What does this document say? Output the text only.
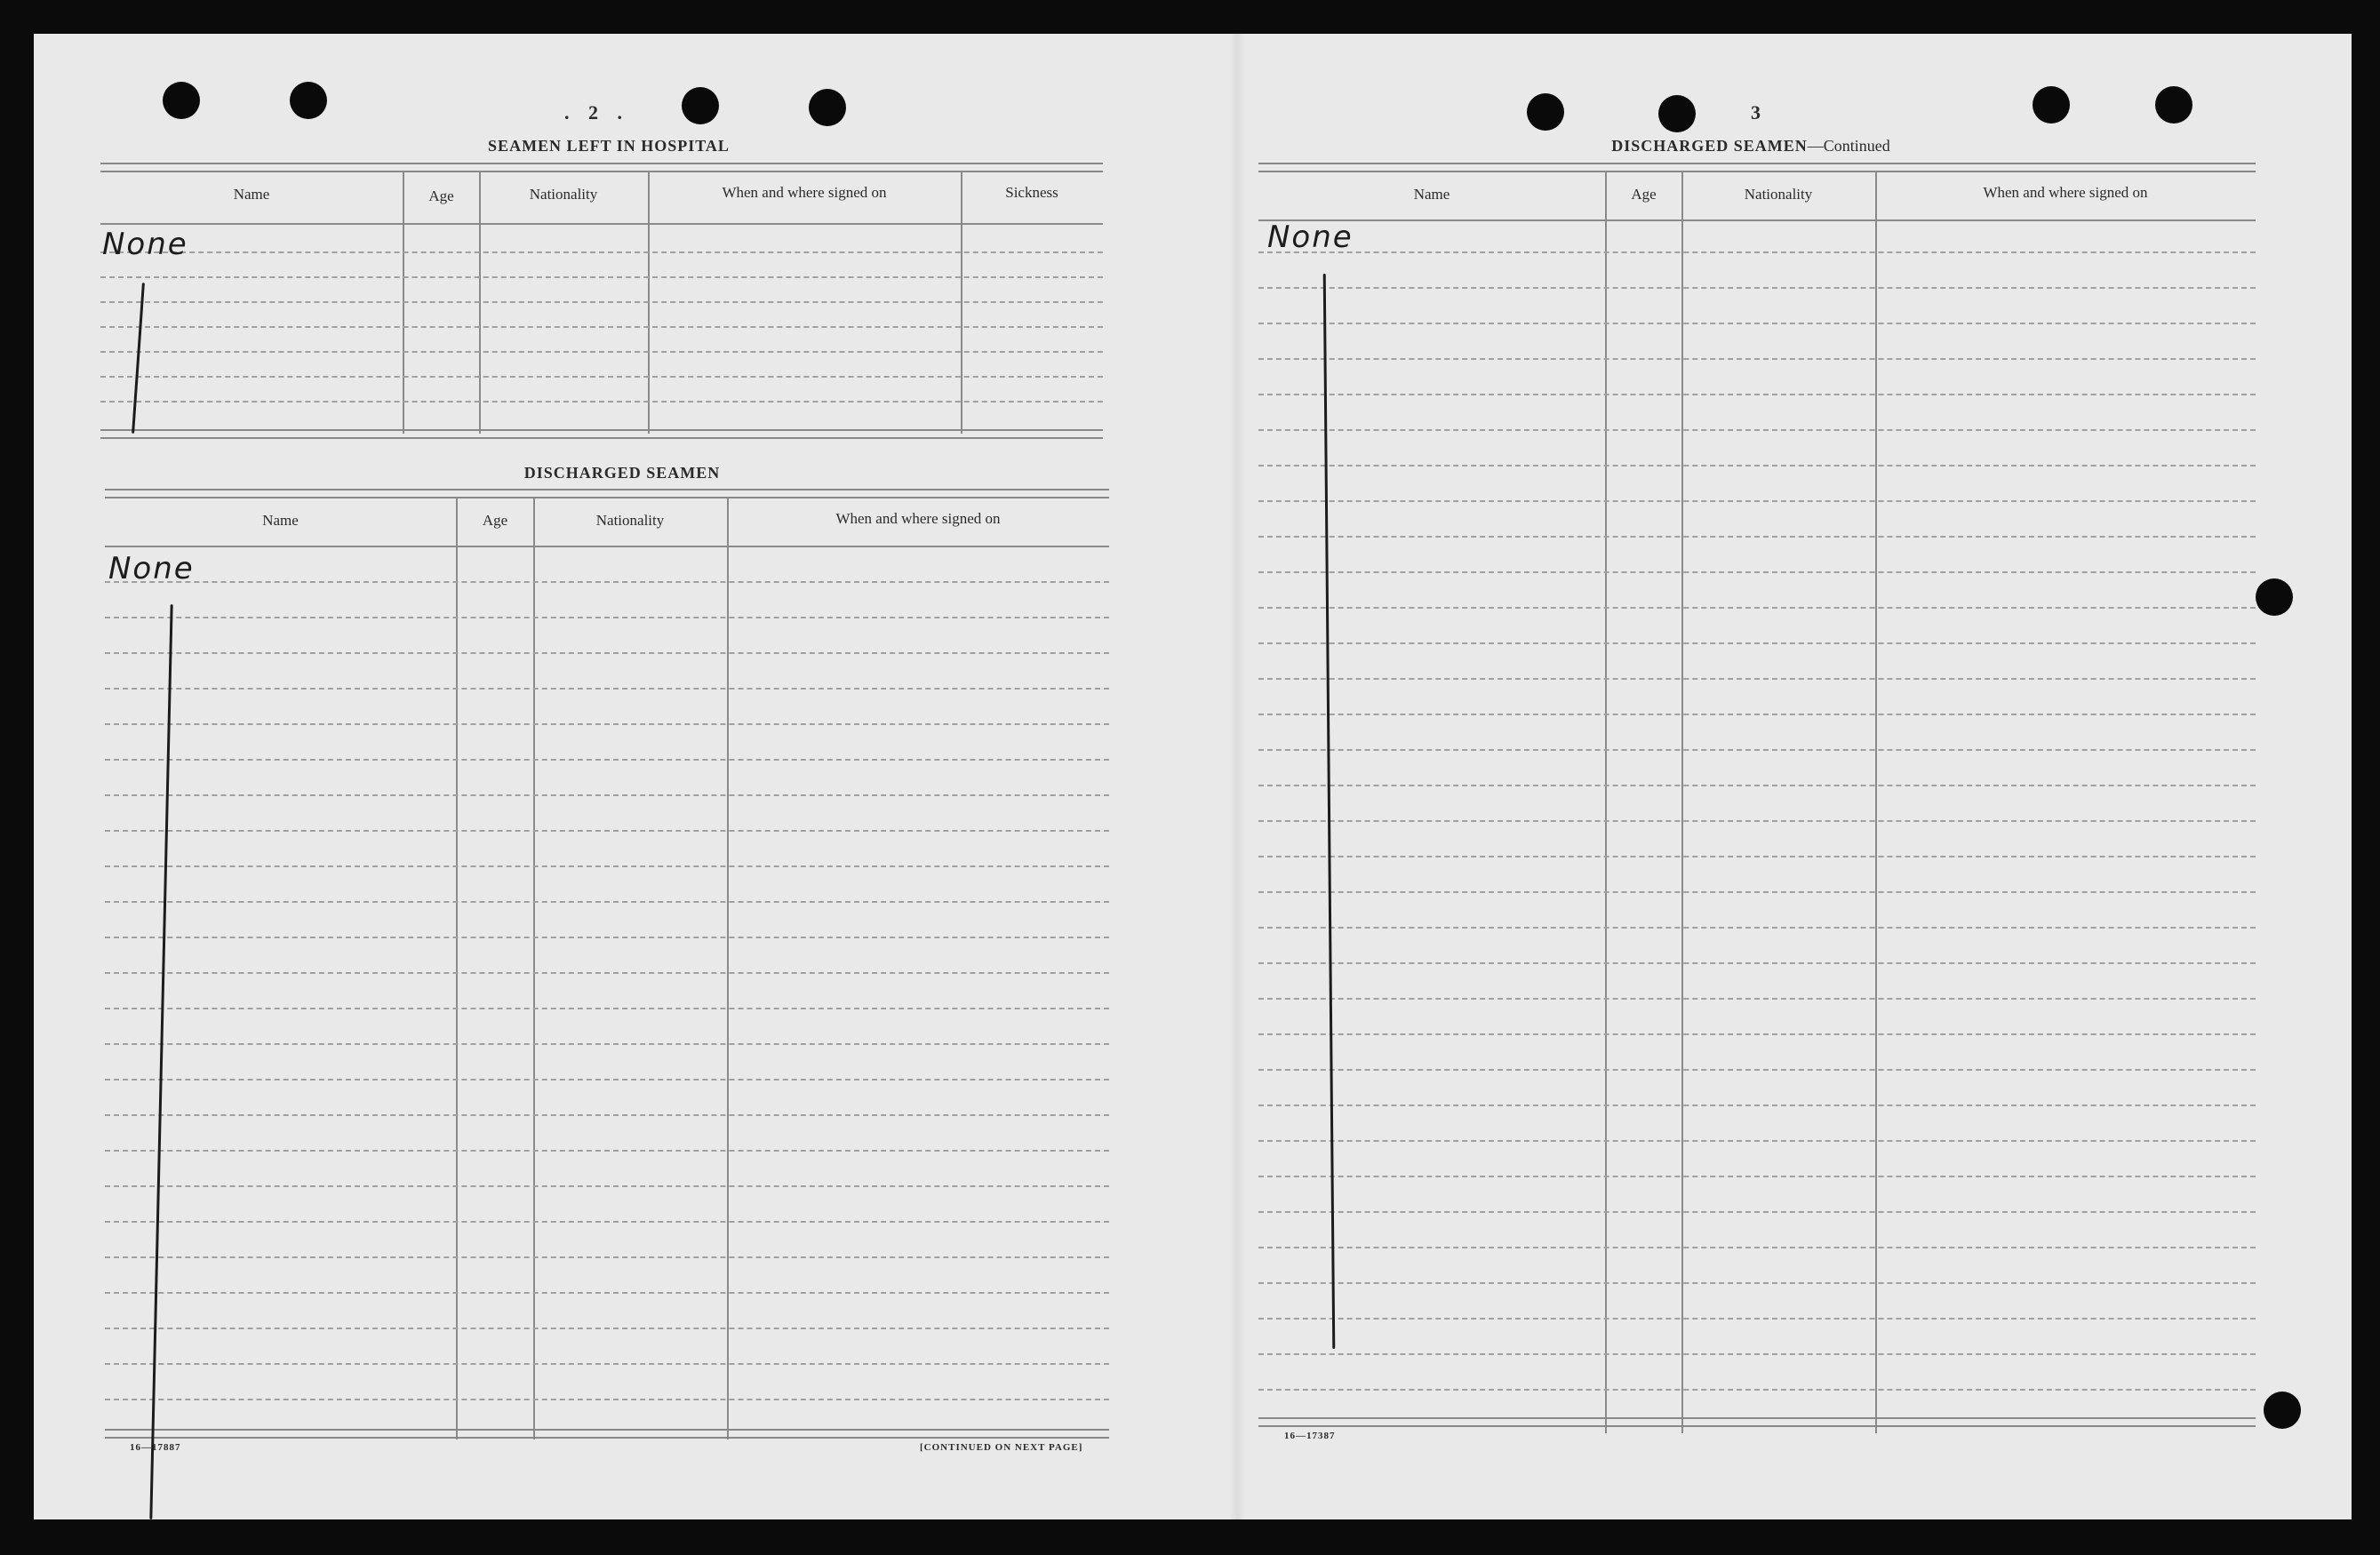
. 2 .
SEAMEN LEFT IN HOSPITAL
Name	Age	Nationality	When and where signed on	Sickness
None
DISCHARGED SEAMEN
Name	Age	Nationality	When and where signed on
None
16—17887	[CONTINUED ON NEXT PAGE]
3
DISCHARGED SEAMEN—Continued
Name	Age	Nationality	When and where signed on
None
16—17387
